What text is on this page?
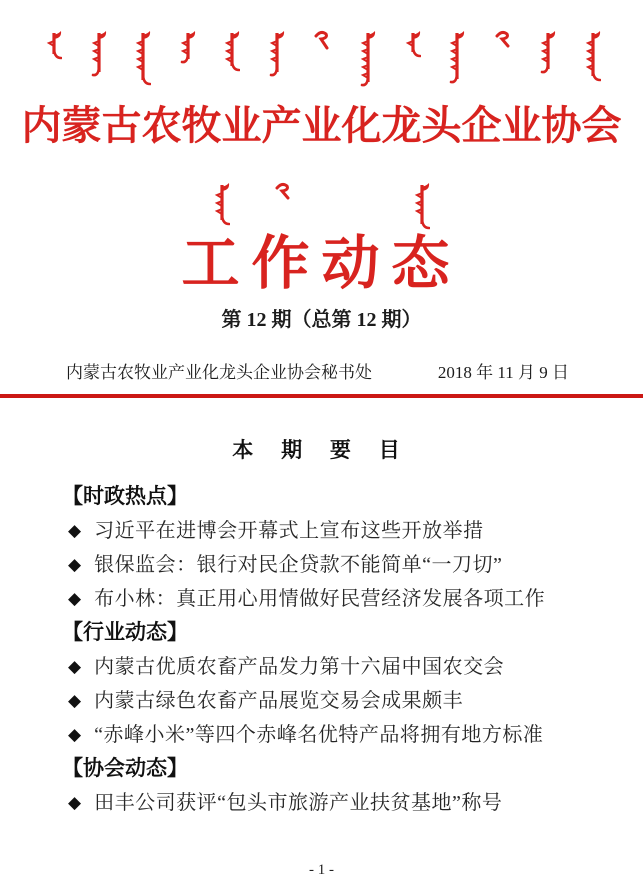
内蒙古农牧业产业化龙头企业协会
工作动态
第 12 期（总第 12 期）
内蒙古农牧业产业化龙头企业协会秘书处	2018 年 11 月 9 日
本 期 要 目
【时政热点】
◆ 习近平在进博会开幕式上宣布这些开放举措
◆ 银保监会：银行对民企贷款不能简单“一刀切”
◆ 布小林：真正用心用情做好民营经济发展各项工作
【行业动态】
◆ 内蒙古优质农畜产品发力第十六届中国农交会
◆ 内蒙古绿色农畜产品展览交易会成果颇丰
◆ “赤峰小米”等四个赤峰名优特产品将拥有地方标准
【协会动态】
◆ 田丰公司获评“包头市旅游产业扶贫基地”称号
- 1 -
